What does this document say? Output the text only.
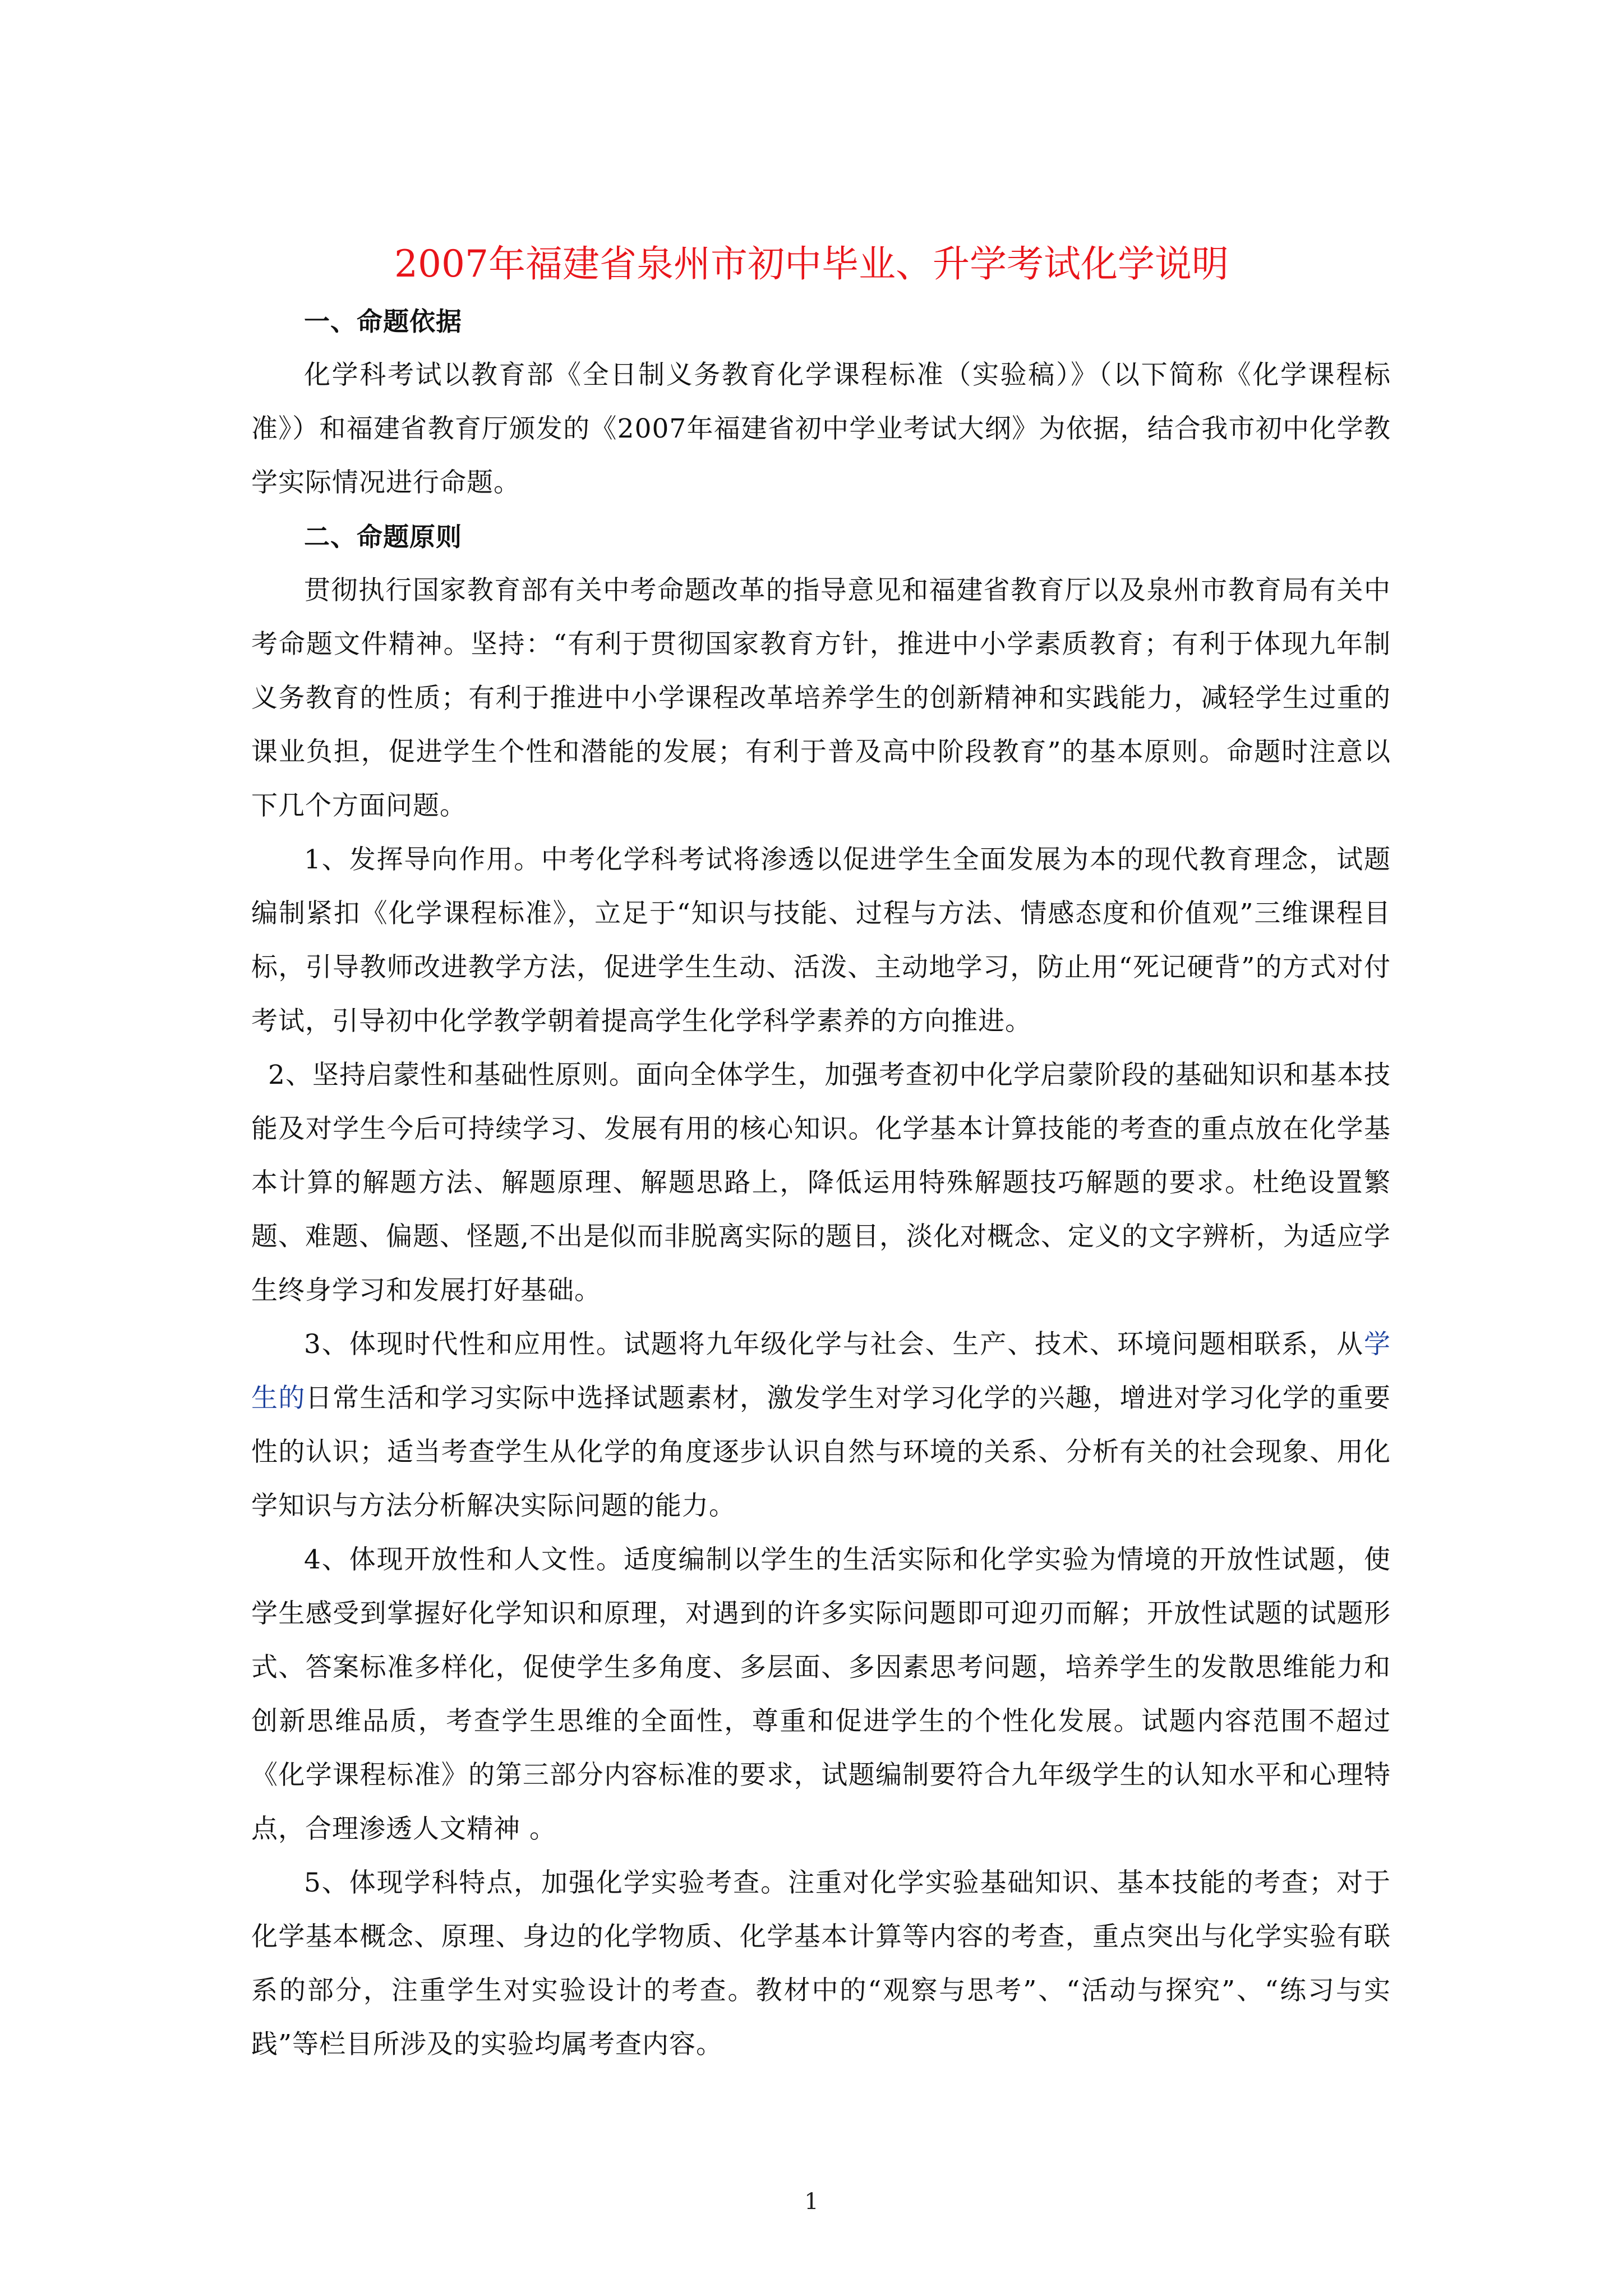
2007年福建省泉州市初中毕业、升学考试化学说明

一、命题依据

化学科考试以教育部《全日制义务教育化学课程标准（实验稿）》（以下简称《化学课程标准》）和福建省教育厅颁发的《2007年福建省初中学业考试大纲》为依据，结合我市初中化学教学实际情况进行命题。

二、命题原则

贯彻执行国家教育部有关中考命题改革的指导意见和福建省教育厅以及泉州市教育局有关中考命题文件精神。坚持：“有利于贯彻国家教育方针，推进中小学素质教育；有利于体现九年制义务教育的性质；有利于推进中小学课程改革培养学生的创新精神和实践能力，减轻学生过重的课业负担，促进学生个性和潜能的发展；有利于普及高中阶段教育”的基本原则。命题时注意以下几个方面问题。

1、发挥导向作用。中考化学科考试将渗透以促进学生全面发展为本的现代教育理念，试题编制紧扣《化学课程标准》，立足于“知识与技能、过程与方法、情感态度和价值观”三维课程目标，引导教师改进教学方法，促进学生生动、活泼、主动地学习，防止用“死记硬背”的方式对付考试，引导初中化学教学朝着提高学生化学科学素养的方向推进。

2、坚持启蒙性和基础性原则。面向全体学生，加强考查初中化学启蒙阶段的基础知识和基本技能及对学生今后可持续学习、发展有用的核心知识。化学基本计算技能的考查的重点放在化学基本计算的解题方法、解题原理、解题思路上，降低运用特殊解题技巧解题的要求。杜绝设置繁题、难题、偏题、怪题,不出是似而非脱离实际的题目，淡化对概念、定义的文字辨析，为适应学生终身学习和发展打好基础。

3、体现时代性和应用性。试题将九年级化学与社会、生产、技术、环境问题相联系，从学生的日常生活和学习实际中选择试题素材，激发学生对学习化学的兴趣，增进对学习化学的重要性的认识；适当考查学生从化学的角度逐步认识自然与环境的关系、分析有关的社会现象、用化学知识与方法分析解决实际问题的能力。

4、体现开放性和人文性。适度编制以学生的生活实际和化学实验为情境的开放性试题，使学生感受到掌握好化学知识和原理，对遇到的许多实际问题即可迎刃而解；开放性试题的试题形式、答案标准多样化，促使学生多角度、多层面、多因素思考问题，培养学生的发散思维能力和创新思维品质，考查学生思维的全面性，尊重和促进学生的个性化发展。试题内容范围不超过《化学课程标准》的第三部分内容标准的要求，试题编制要符合九年级学生的认知水平和心理特点，合理渗透人文精神 。

5、体现学科特点，加强化学实验考查。注重对化学实验基础知识、基本技能的考查；对于化学基本概念、原理、身边的化学物质、化学基本计算等内容的考查，重点突出与化学实验有联系的部分，注重学生对实验设计的考查。教材中的“观察与思考”、“活动与探究”、“练习与实践”等栏目所涉及的实验均属考查内容。

1
